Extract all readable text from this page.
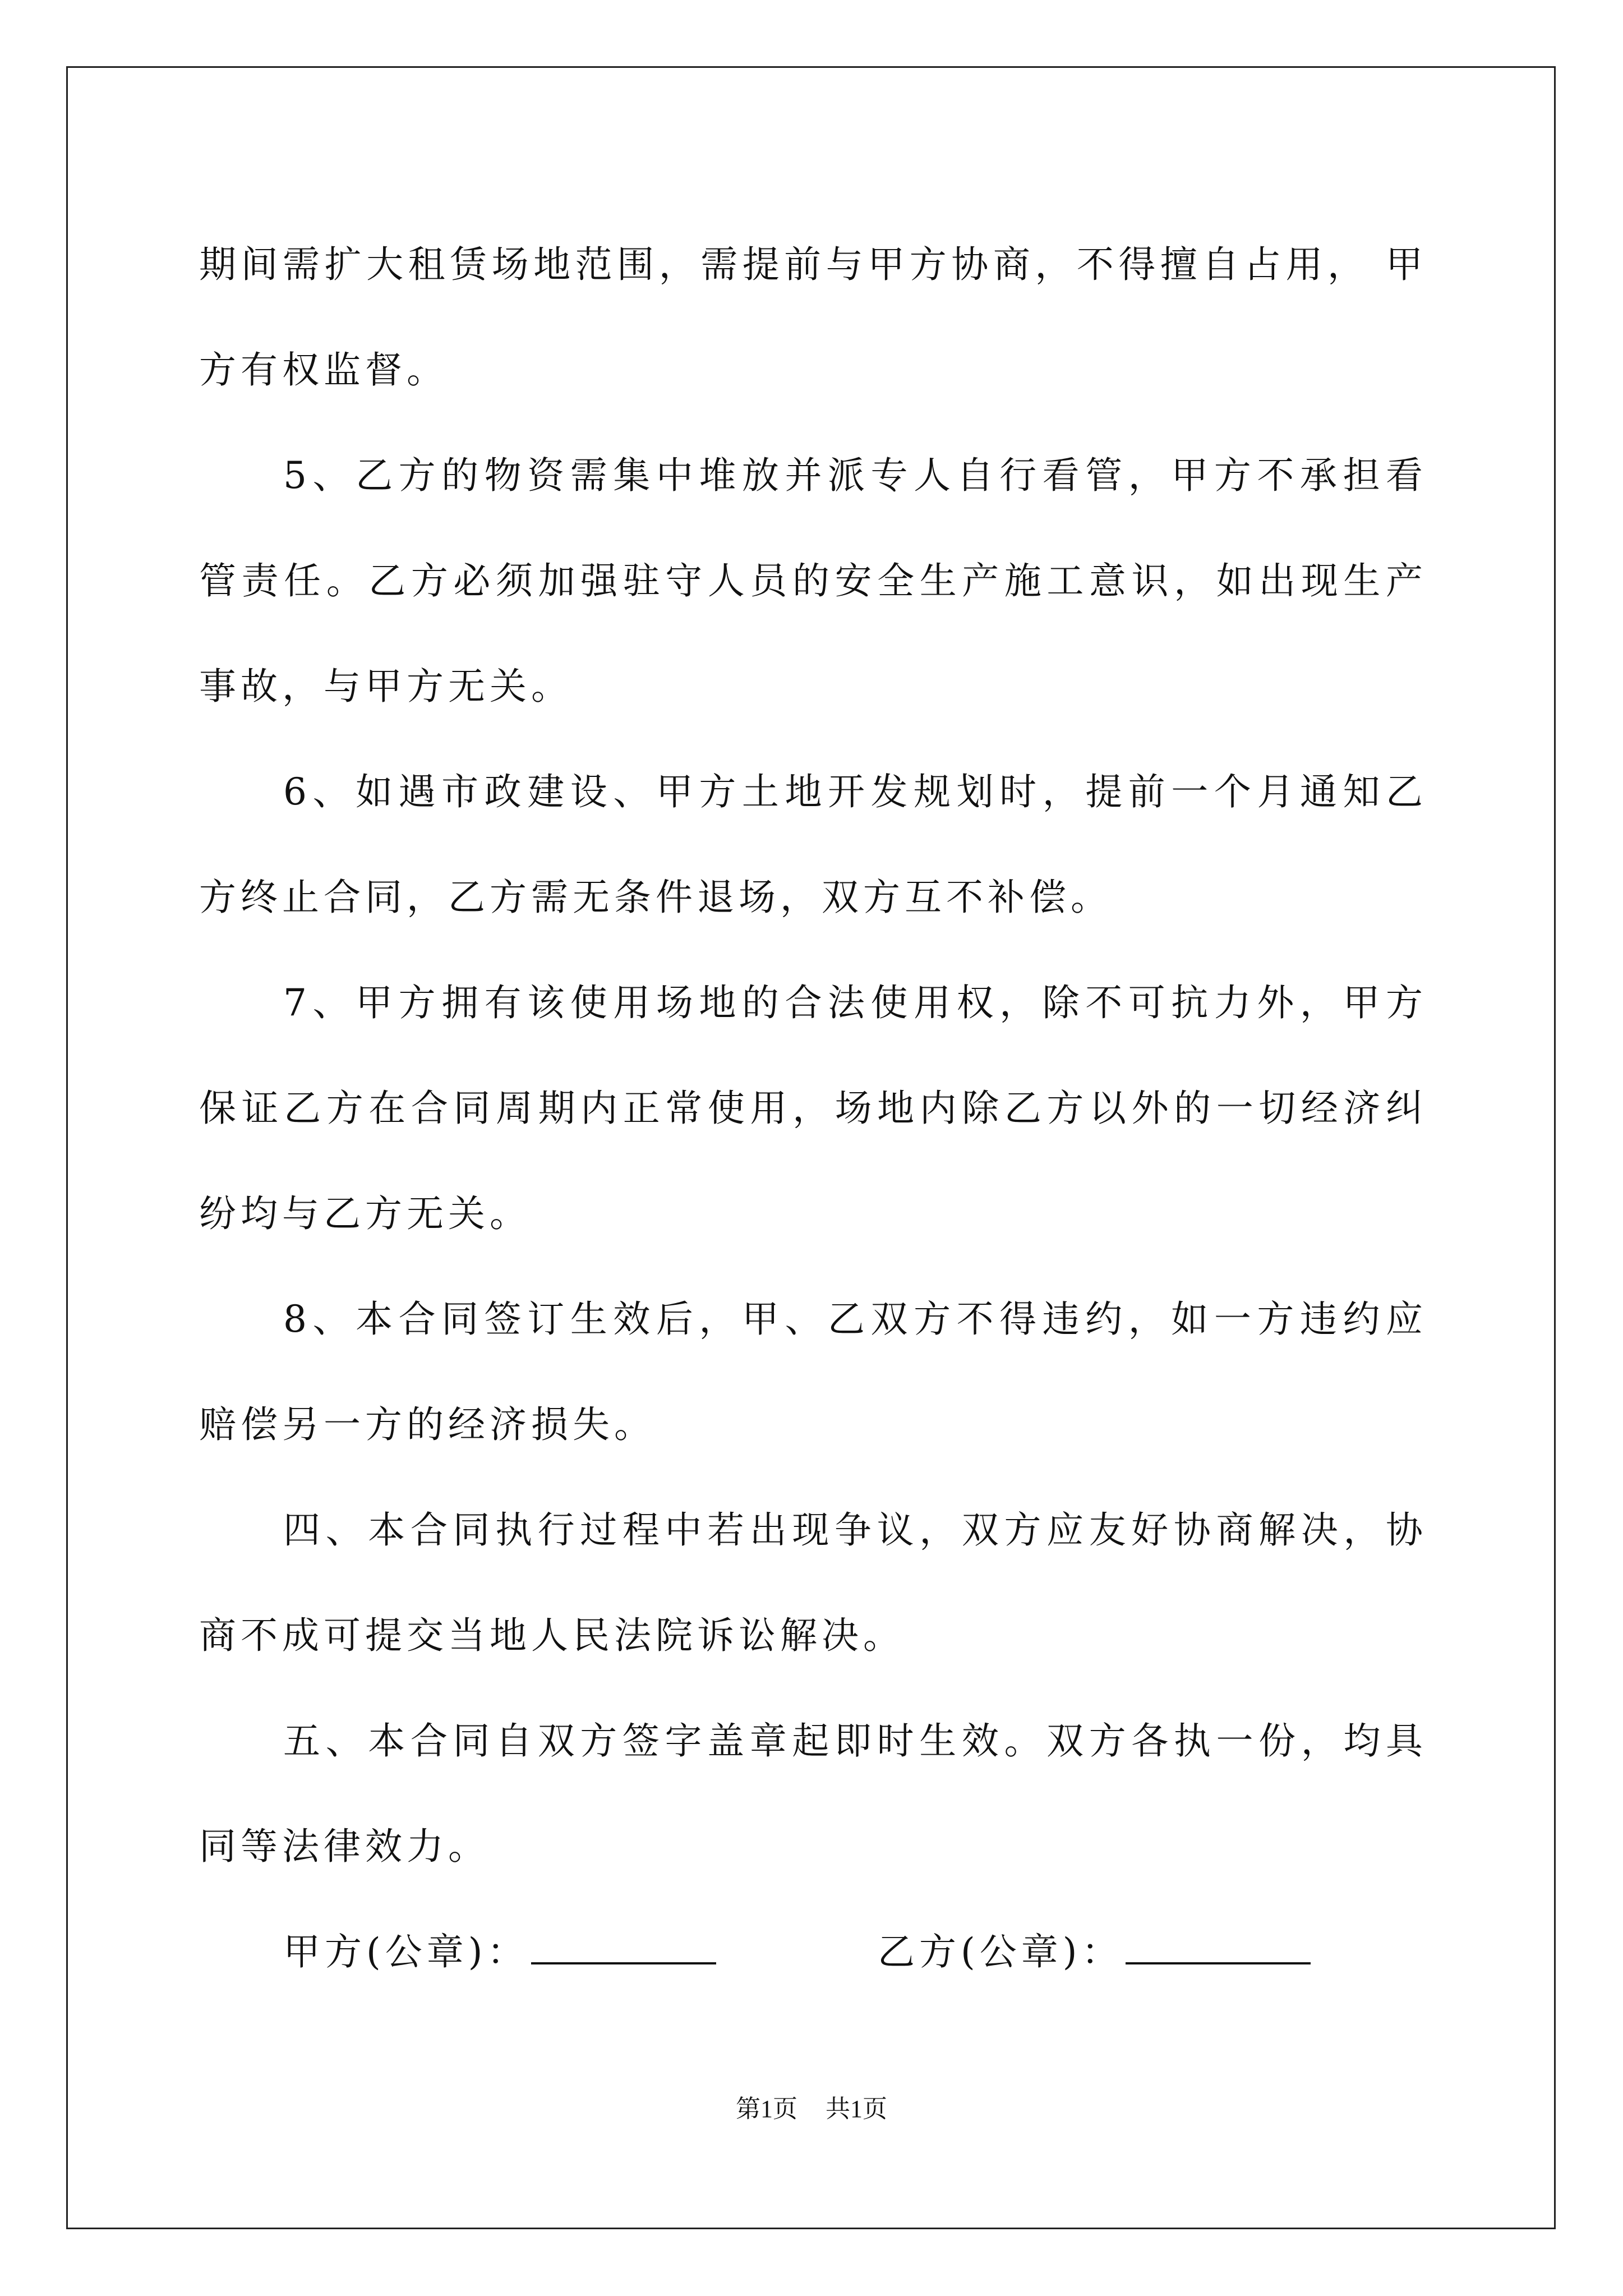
期间需扩大租赁场地范围，需提前与甲方协商，不得擅自占用， 甲方有权监督。

5、乙方的物资需集中堆放并派专人自行看管，甲方不承担看管责任。乙方必须加强驻守人员的安全生产施工意识，如出现生产事故，与甲方无关。

6、如遇市政建设、甲方土地开发规划时，提前一个月通知乙方终止合同，乙方需无条件退场，双方互不补偿。

7、甲方拥有该使用场地的合法使用权，除不可抗力外，甲方保证乙方在合同周期内正常使用，场地内除乙方以外的一切经济纠纷均与乙方无关。

8、本合同签订生效后，甲、乙双方不得违约，如一方违约应赔偿另一方的经济损失。

四、本合同执行过程中若出现争议，双方应友好协商解决，协商不成可提交当地人民法院诉讼解决。

五、本合同自双方签字盖章起即时生效。双方各执一份，均具同等法律效力。

甲方(公章)：	乙方(公章)：
第1页 共1页
